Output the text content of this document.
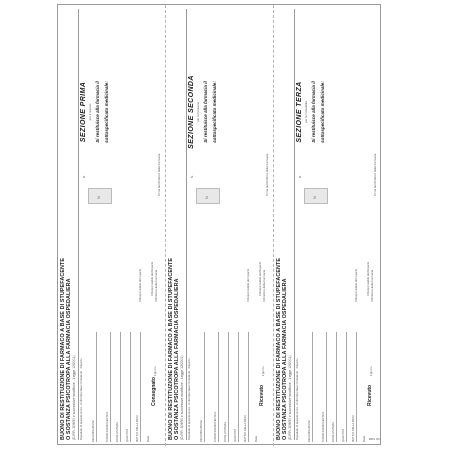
BUONO DI RESTITUZIONE DI FARMACO A BASE DI STUPEFACENTE O SOSTANZA PSICOTROPA ALLA FARMACIA OSPEDALIERA (D.P.R. 309/90 e successive modifiche - Legge 12/2001)	Ospedale di appartenenza - Unità Operativa richiedente - Reparto	DENOMINAZIONE	FORMA FARMACEUTICA	DOSE UNITARIA	QUANTITÀ	MOTIVO DELLA RESA
Il Responsabile del reparto	Il Direttore della Farmacia
N
N.
SEZIONE PRIMA per il reparto Si restituisce alla farmacia il sottospecificato medicinale:
Data
Consegnato
il giorno
Il Responsabile del Reparto
Firma del Direttore della Farmacia
BUONO DI RESTITUZIONE DI FARMACO A BASE DI STUPEFACENTE O SOSTANZA PSICOTROPA ALLA FARMACIA OSPEDALIERA (D.P.R. 309/90 e successive modifiche - Legge 12/2001)	Ospedale di appartenenza - Unità Operativa richiedente - Reparto	DENOMINAZIONE	FORMA FARMACEUTICA	DOSE UNITARIA	QUANTITÀ	MOTIVO DELLA RESA
Il Responsabile del reparto	Il Direttore della Farmacia
N
N.
SEZIONE SECONDA per la farmacia Si restituisce alla farmacia il sottospecificato medicinale:
Data
Ricevuto
il giorno
Il Responsabile del Reparto
Firma del Direttore della Farmacia
BUONO DI RESTITUZIONE DI FARMACO A BASE DI STUPEFACENTE O SOSTANZA PSICOTROPA ALLA FARMACIA OSPEDALIERA (D.P.R. 309/90 e successive modifiche - Legge 12/2001)	Ospedale di appartenenza - Unità Operativa richiedente - Reparto	DENOMINAZIONE	FORMA FARMACEUTICA	DOSE UNITARIA	QUANTITÀ	MOTIVO DELLA RESA
Il Responsabile del reparto	Il Direttore della Farmacia
N
N.
SEZIONE TERZA per la contabilità Si restituisce alla farmacia il sottospecificato medicinale:
Data
Ricevuto
il giorno
Il Responsabile del Reparto
Firma del Direttore della Farmacia
BRS 001
